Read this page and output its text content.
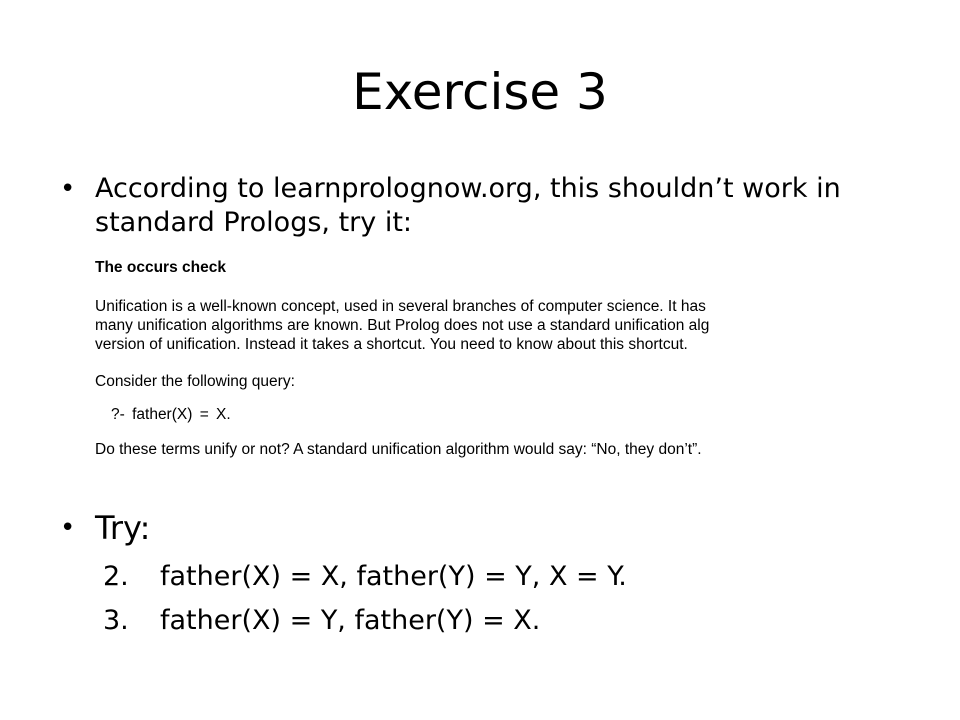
Exercise 3
• According to learnprolognow.org, this shouldn’t work in standard Prologs, try it:

The occurs check

Unification is a well-known concept, used in several branches of computer science. It has

many unification algorithms are known. But Prolog does not use a standard unification alg

version of unification. Instead it takes a shortcut. You need to know about this shortcut.

Consider the following query:

?- father(X) = X.

Do these terms unify or not? A standard unification algorithm would say: “No, they don’t”.

• Try:
2.	father(X) = X, father(Y) = Y, X = Y.
3.	father(X) = Y, father(Y) = X.
